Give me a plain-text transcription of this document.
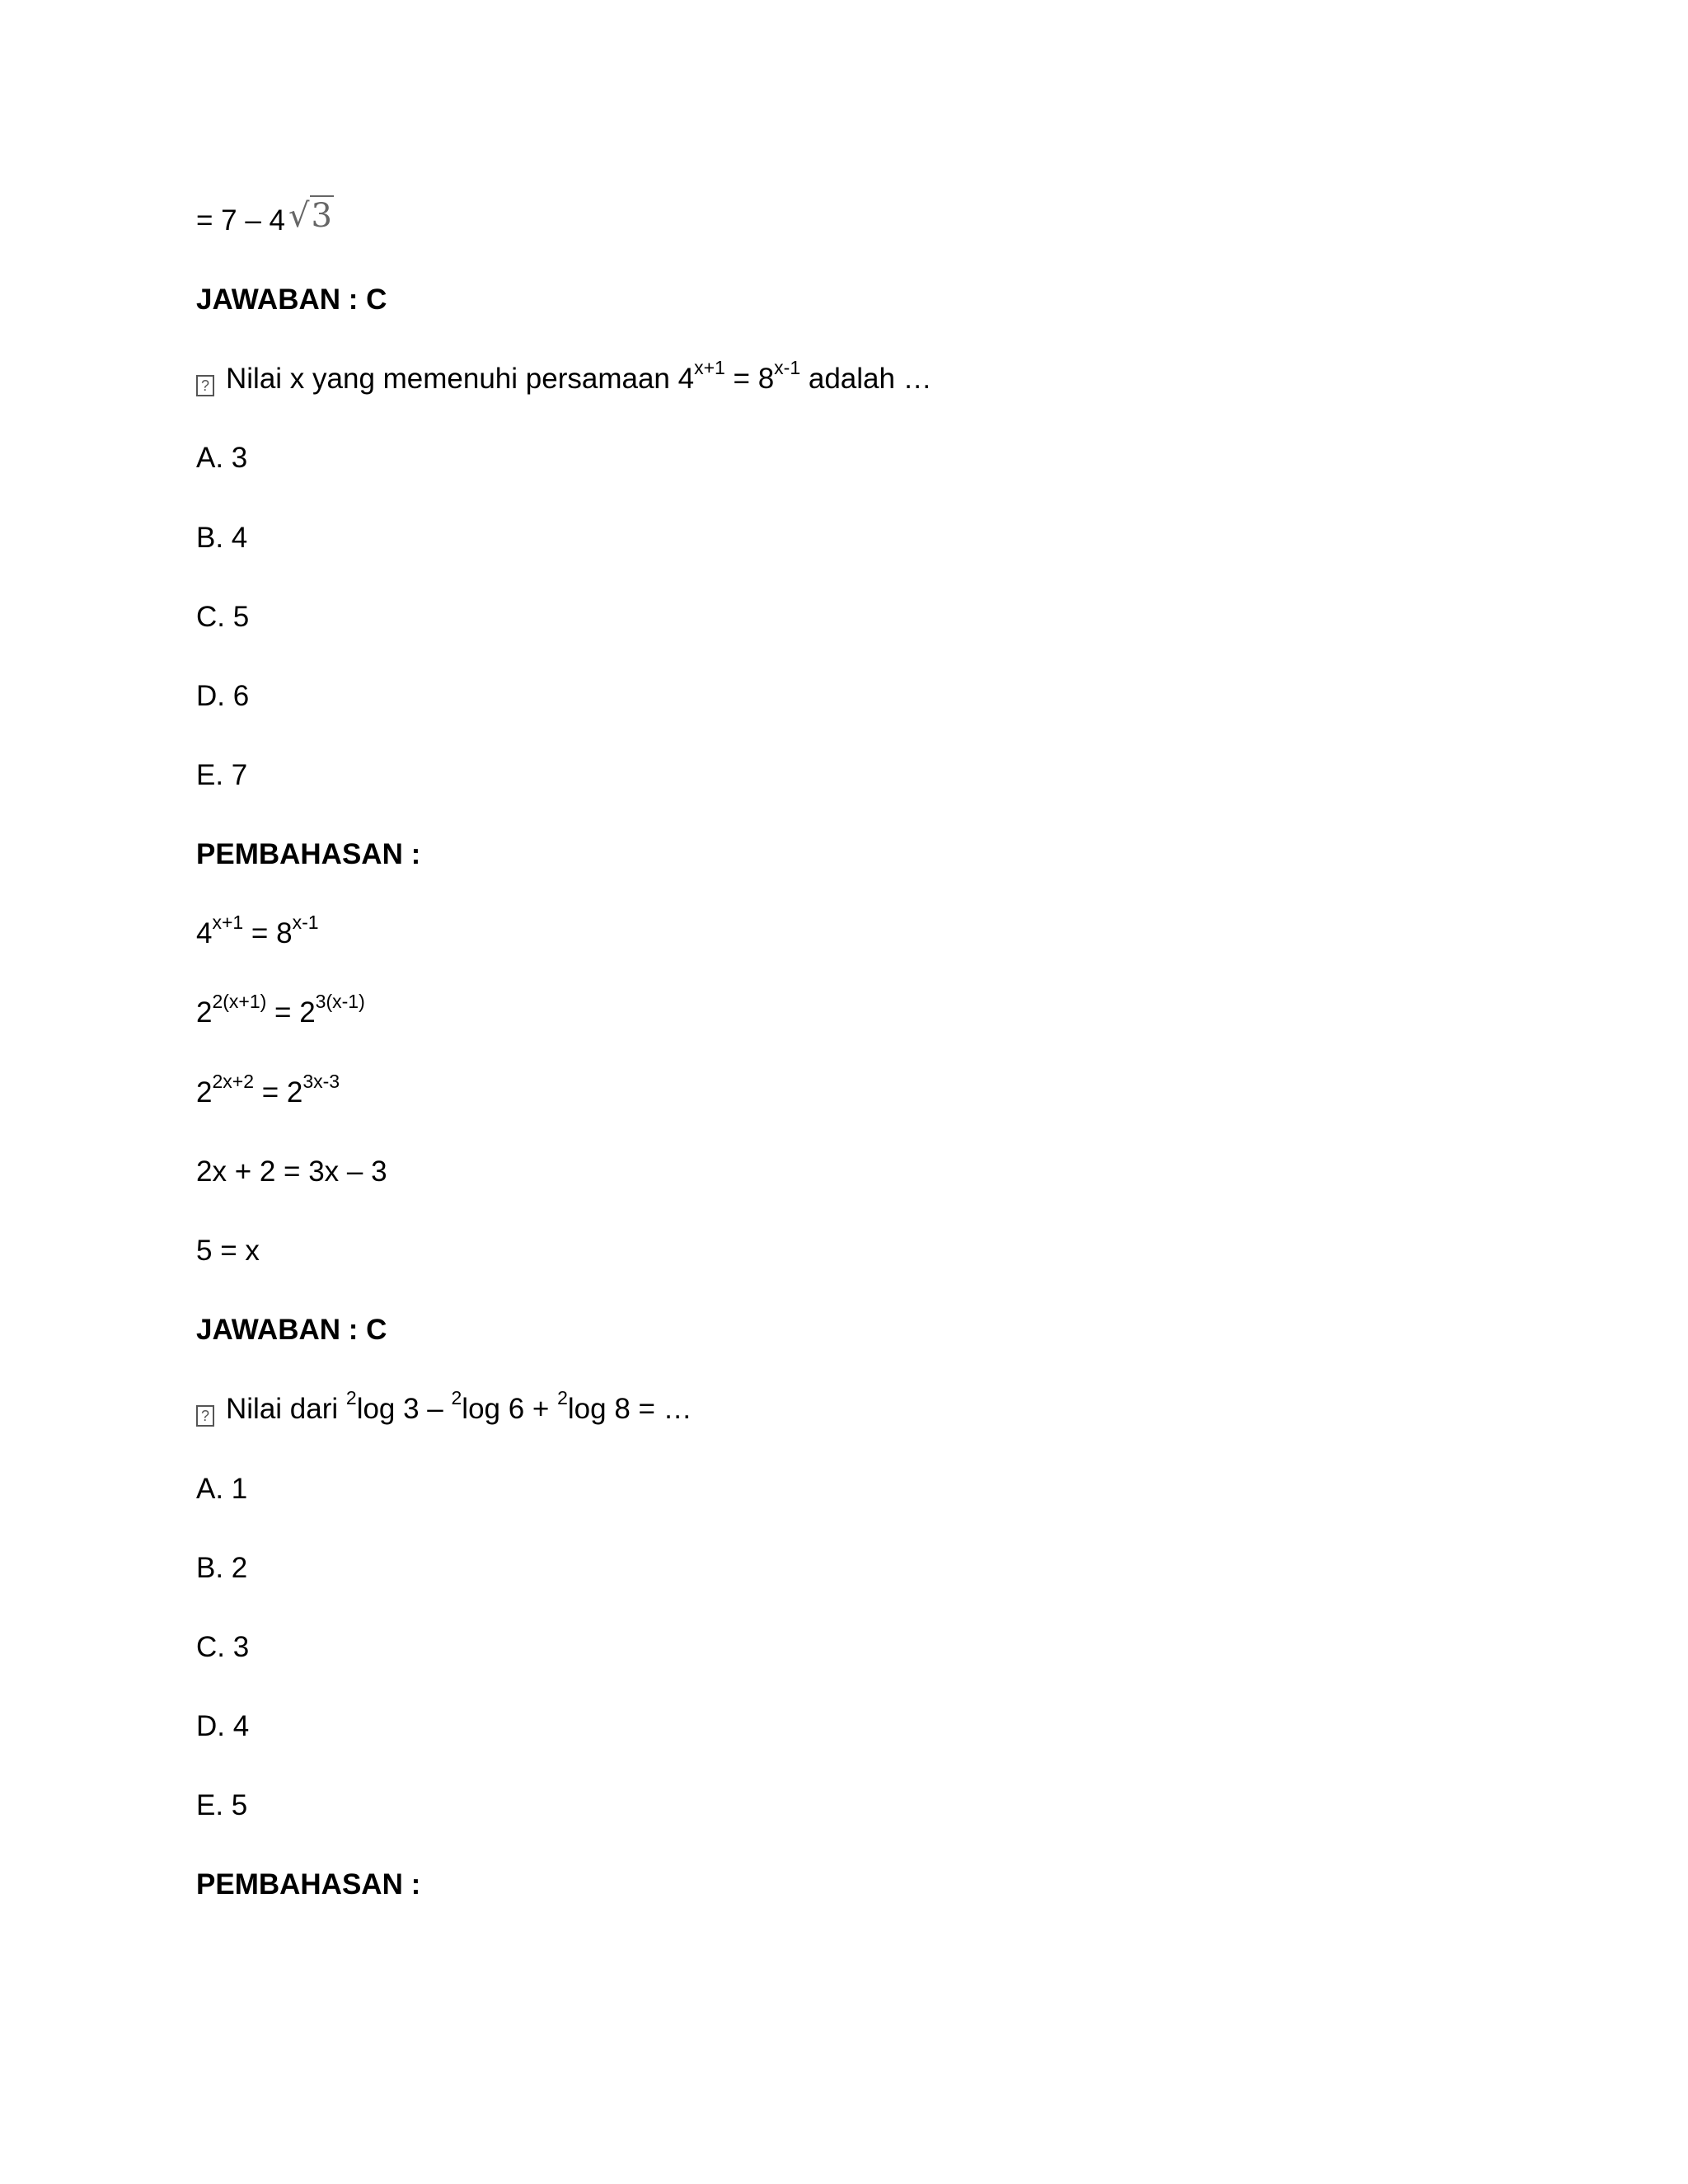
= 7 – 4 √3
JAWABAN : C
? Nilai x yang memenuhi persamaan $4^{x+1} = 8^{x-1}$ adalah …
A. 3
B. 4
C. 5
D. 6
E. 7
PEMBAHASAN :
$4^{x+1} = 8^{x-1}$
$2^{2(x+1)} = 2^{3(x-1)}$
$2^{2x+2} = 2^{3x-3}$
2x + 2 = 3x – 3
5 = x
JAWABAN : C
? Nilai dari $^2$log 3 – $^2$log 6 + $^2$log 8 = …
A. 1
B. 2
C. 3
D. 4
E. 5
PEMBAHASAN :
